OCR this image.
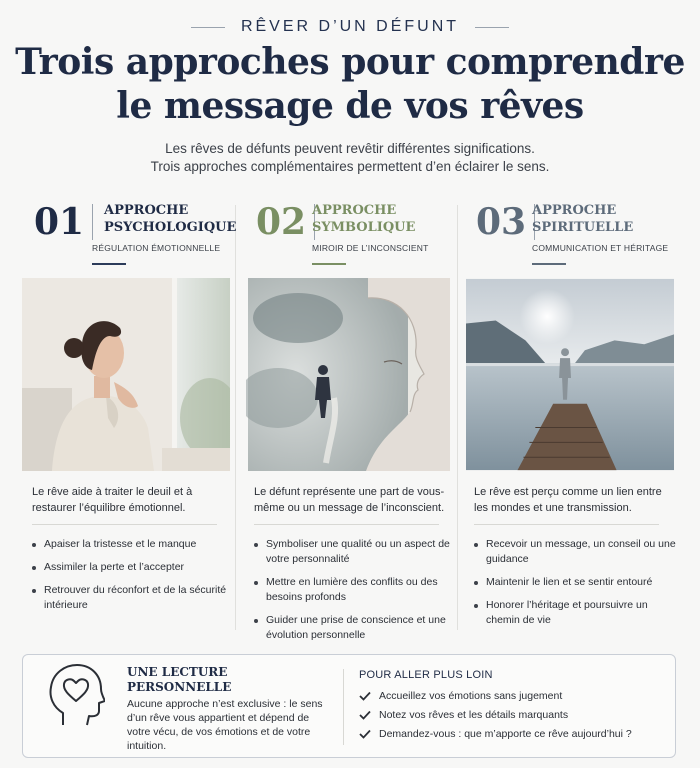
RÊVER D’UN DÉFUNT
Trois approches pour comprendre
le message de vos rêves
Les rêves de défunts peuvent revêtir différentes significations.
Trois approches complémentaires permettent d’en éclairer le sens.
01 APPROCHE
PSYCHOLOGIQUE
RÉGULATION ÉMOTIONNELLE
Le rêve aide à traiter le deuil et à restaurer l’équilibre émotionnel.
Apaiser la tristesse et le manque
Assimiler la perte et l’accepter
Retrouver du réconfort et de la sécurité intérieure
02 APPROCHE
SYMBOLIQUE
MIROIR DE L’INCONSCIENT
Le défunt représente une part de vous-même ou un message de l’inconscient.
Symboliser une qualité ou un aspect de votre personnalité
Mettre en lumière des conflits ou des besoins profonds
Guider une prise de conscience et une évolution personnelle
03 APPROCHE
SPIRITUELLE
COMMUNICATION ET HÉRITAGE
Le rêve est perçu comme un lien entre les mondes et une transmission.
Recevoir un message, un conseil ou une guidance
Maintenir le lien et se sentir entouré
Honorer l’héritage et poursuivre un chemin de vie
UNE LECTURE
PERSONNELLE
Aucune approche n’est exclusive : le sens d’un rêve vous appartient et dépend de votre vécu, de vos émotions et de votre intuition.
POUR ALLER PLUS LOIN
Accueillez vos émotions sans jugement
Notez vos rêves et les détails marquants
Demandez-vous : que m’apporte ce rêve aujourd’hui ?
